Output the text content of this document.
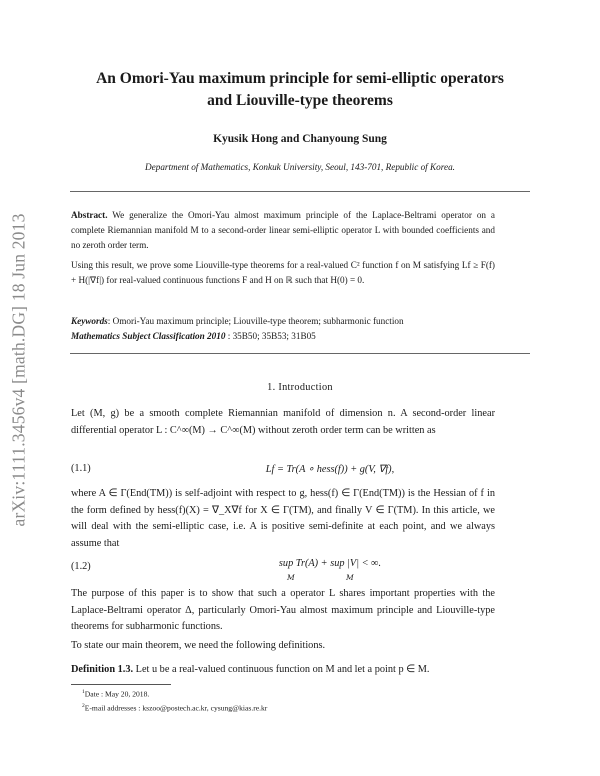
arXiv:1111.3456v4 [math.DG] 18 Jun 2013
An Omori-Yau maximum principle for semi-elliptic operators
and Liouville-type theorems
Kyusik Hong and Chanyoung Sung
Department of Mathematics, Konkuk University, Seoul, 143-701, Republic of Korea.
Abstract. We generalize the Omori-Yau almost maximum principle of the Laplace-Beltrami operator on a complete Riemannian manifold M to a second-order linear semi-elliptic operator L with bounded coefficients and no zeroth order term.
Using this result, we prove some Liouville-type theorems for a real-valued C² function f on M satisfying Lf ≥ F(f) + H(|∇f|) for real-valued continuous functions F and H on ℝ such that H(0) = 0.
Keywords: Omori-Yau maximum principle; Liouville-type theorem; subharmonic function
Mathematics Subject Classification 2010 : 35B50; 35B53; 31B05
1. Introduction
Let (M, g) be a smooth complete Riemannian manifold of dimension n. A second-order linear differential operator L : C^∞(M) → C^∞(M) without zeroth order term can be written as
(1.1)	Lf = Tr(A ∘ hess(f)) + g(V, ∇f),
where A ∈ Γ(End(TM)) is self-adjoint with respect to g, hess(f) ∈ Γ(End(TM)) is the Hessian of f in the form defined by hess(f)(X) = ∇_X∇f for X ∈ Γ(TM), and finally V ∈ Γ(TM). In this article, we will deal with the semi-elliptic case, i.e. A is positive semi-definite at each point, and we always assume that
(1.2)	sup Tr(A) + sup |V| < ∞.
M	M
The purpose of this paper is to show that such a operator L shares important properties with the Laplace-Beltrami operator Δ, particularly Omori-Yau almost maximum principle and Liouville-type theorems for subharmonic functions.
To state our main theorem, we need the following definitions.
Definition 1.3. Let u be a real-valued continuous function on M and let a point p ∈ M.
$^1$Date : May 20, 2018.
$^2$E-mail addresses : kszoo@postech.ac.kr, cysung@kias.re.kr
